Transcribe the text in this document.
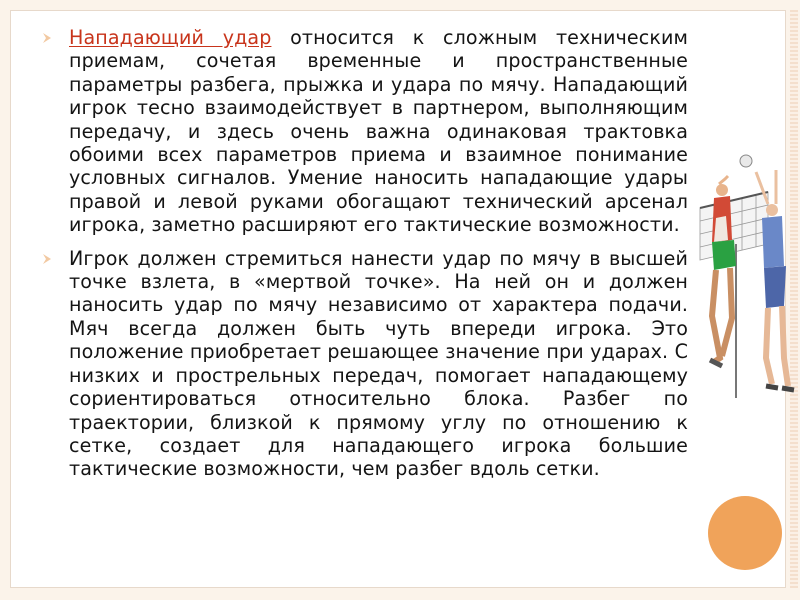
Нападающий удар относится к сложным техническим приемам, сочетая временные и пространственные параметры разбега, прыжка и удара по мячу. Нападающий игрок тесно взаимодействует в партнером, выполняющим передачу, и здесь очень важна одинаковая трактовка обоими всех параметров приема и взаимное понимание условных сигналов. Умение наносить нападающие удары правой и левой руками обогащают технический арсенал игрока, заметно расширяют его тактические возможности.

Игрок должен стремиться нанести удар по мячу в высшей точке взлета, в «мертвой точке». На ней он и должен наносить удар по мячу независимо от характера подачи. Мяч всегда должен быть чуть впереди игрока. Это положение приобретает решающее значение при ударах. С низких и прострельных передач, помогает нападающему сориентироваться относительно блока. Разбег по траектории, близкой к прямому углу по отношению к сетке, создает для нападающего игрока большие тактические возможности, чем разбег вдоль сетки.
